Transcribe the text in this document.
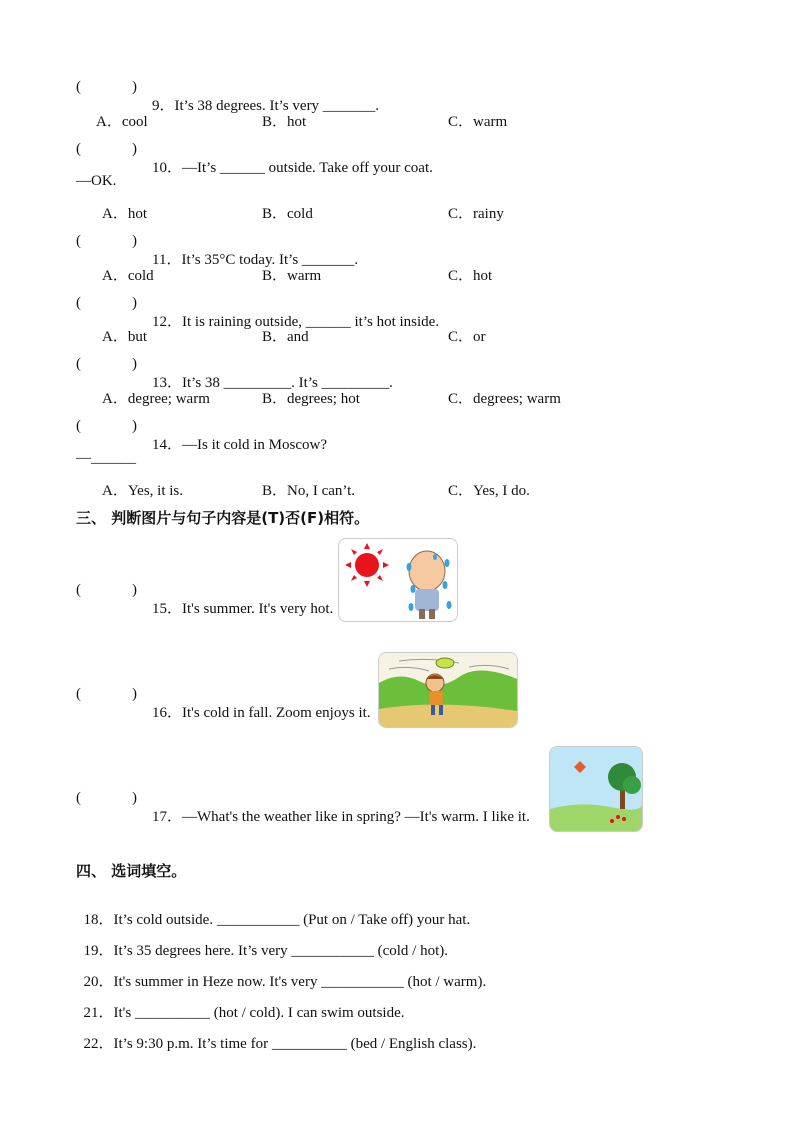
(	)

9．It’s 38 degrees. It’s very _______.

A．cool	B．hot	C．warm
(	)

10．—It’s ______ outside. Take off your coat.

—OK.
A．hot	B．cold	C．rainy
(	)

11．It’s 35°C today. It’s _______.

A．cold	B．warm	C．hot
(	)

12．It is raining outside, ______ it’s hot inside.

A．but	B．and	C．or
(	)

13．It’s 38 _________. It’s _________.

A．degree; warm	B．degrees; hot	C．degrees; warm
(	)

14．—Is it cold in Moscow?

—______
A．Yes, it is.	B．No, I can’t.	C．Yes, I do.
三、 判断图片与句子内容是(T)否(F)相符。
(	)

15．It's summer. It's very hot.

(	)

16．It's cold in fall. Zoom enjoys it.

(	)

17．—What's the weather like in spring? —It's warm. I like it.

四、 选词填空。

18．It’s cold outside. ___________ (Put on / Take off) your hat.

19．It’s 35 degrees here. It’s very ___________ (cold / hot).

20．It's summer in Heze now. It's very ___________ (hot / warm).

21．It's __________ (hot / cold). I can swim outside.

22．It’s 9:30 p.m. It’s time for __________ (bed / English class).
